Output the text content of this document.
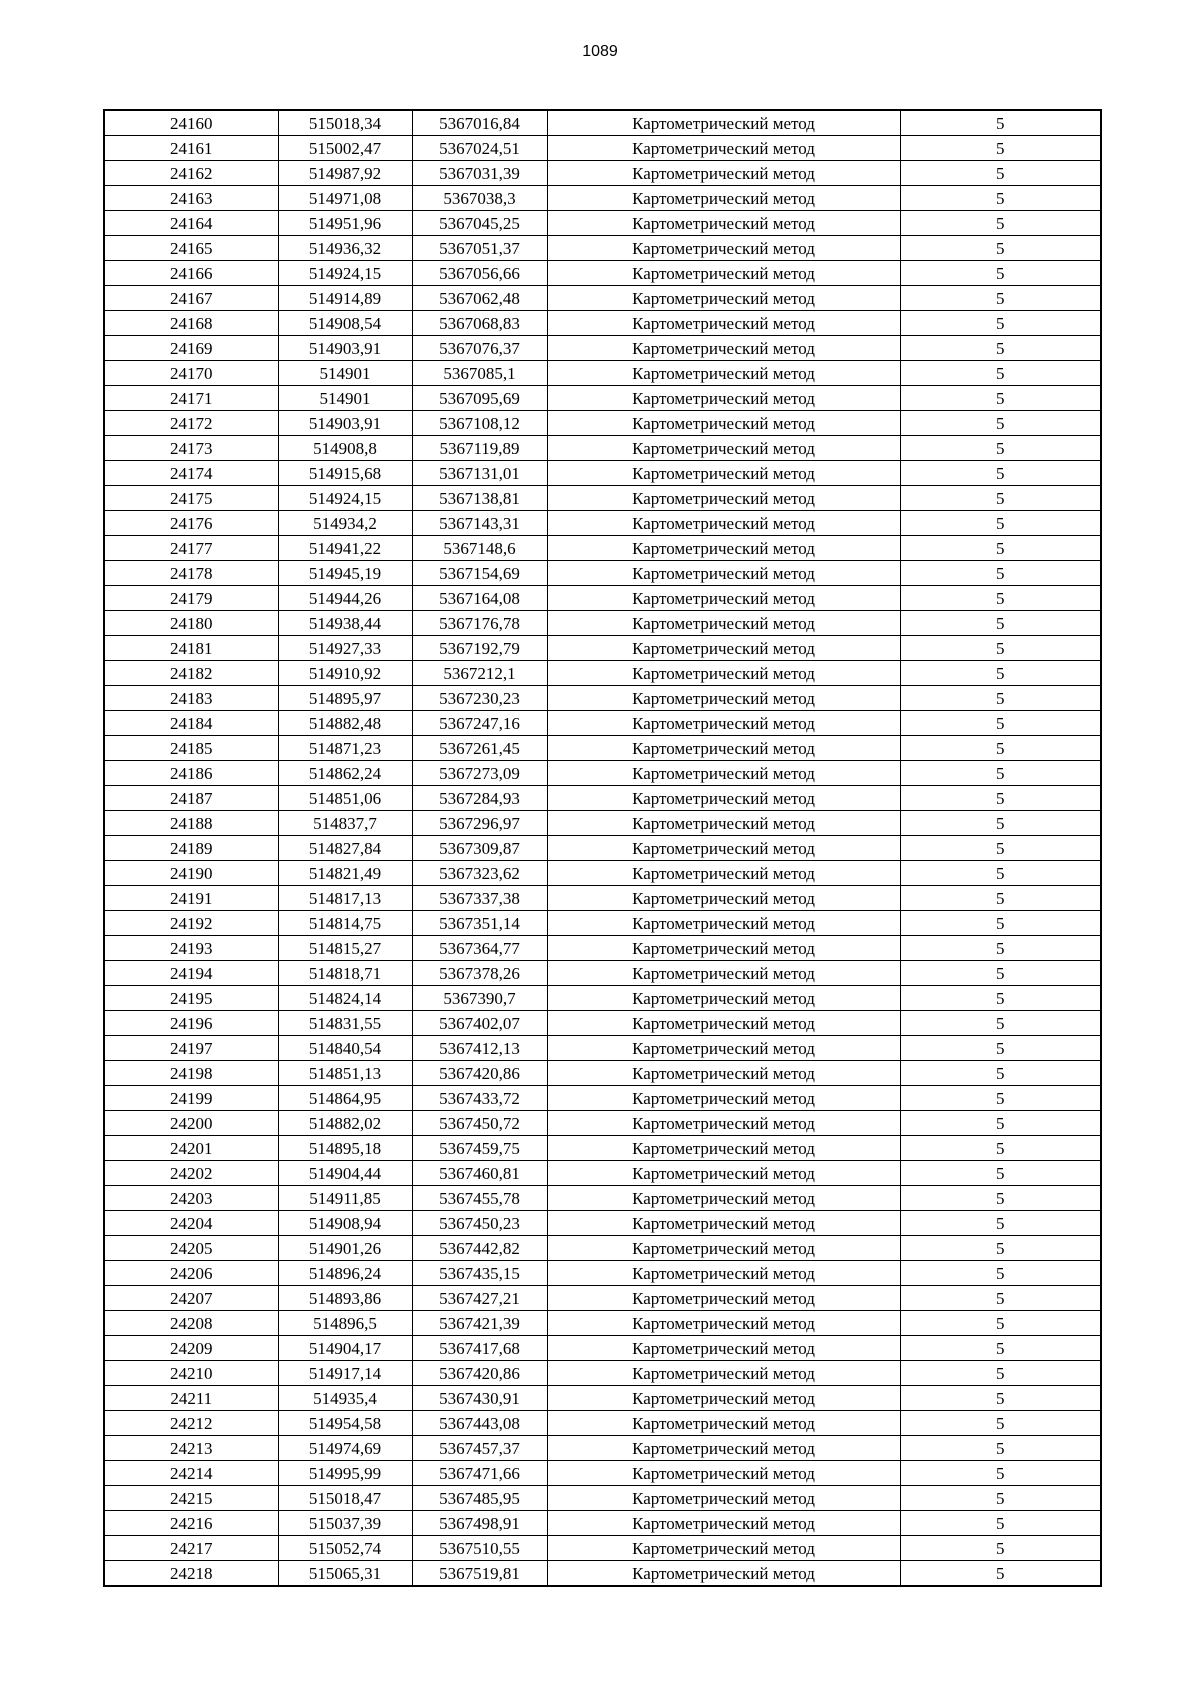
1089
24160	515018,34	5367016,84	Картометрический метод	5
24161	515002,47	5367024,51	Картометрический метод	5
24162	514987,92	5367031,39	Картометрический метод	5
24163	514971,08	5367038,3	Картометрический метод	5
24164	514951,96	5367045,25	Картометрический метод	5
24165	514936,32	5367051,37	Картометрический метод	5
24166	514924,15	5367056,66	Картометрический метод	5
24167	514914,89	5367062,48	Картометрический метод	5
24168	514908,54	5367068,83	Картометрический метод	5
24169	514903,91	5367076,37	Картометрический метод	5
24170	514901	5367085,1	Картометрический метод	5
24171	514901	5367095,69	Картометрический метод	5
24172	514903,91	5367108,12	Картометрический метод	5
24173	514908,8	5367119,89	Картометрический метод	5
24174	514915,68	5367131,01	Картометрический метод	5
24175	514924,15	5367138,81	Картометрический метод	5
24176	514934,2	5367143,31	Картометрический метод	5
24177	514941,22	5367148,6	Картометрический метод	5
24178	514945,19	5367154,69	Картометрический метод	5
24179	514944,26	5367164,08	Картометрический метод	5
24180	514938,44	5367176,78	Картометрический метод	5
24181	514927,33	5367192,79	Картометрический метод	5
24182	514910,92	5367212,1	Картометрический метод	5
24183	514895,97	5367230,23	Картометрический метод	5
24184	514882,48	5367247,16	Картометрический метод	5
24185	514871,23	5367261,45	Картометрический метод	5
24186	514862,24	5367273,09	Картометрический метод	5
24187	514851,06	5367284,93	Картометрический метод	5
24188	514837,7	5367296,97	Картометрический метод	5
24189	514827,84	5367309,87	Картометрический метод	5
24190	514821,49	5367323,62	Картометрический метод	5
24191	514817,13	5367337,38	Картометрический метод	5
24192	514814,75	5367351,14	Картометрический метод	5
24193	514815,27	5367364,77	Картометрический метод	5
24194	514818,71	5367378,26	Картометрический метод	5
24195	514824,14	5367390,7	Картометрический метод	5
24196	514831,55	5367402,07	Картометрический метод	5
24197	514840,54	5367412,13	Картометрический метод	5
24198	514851,13	5367420,86	Картометрический метод	5
24199	514864,95	5367433,72	Картометрический метод	5
24200	514882,02	5367450,72	Картометрический метод	5
24201	514895,18	5367459,75	Картометрический метод	5
24202	514904,44	5367460,81	Картометрический метод	5
24203	514911,85	5367455,78	Картометрический метод	5
24204	514908,94	5367450,23	Картометрический метод	5
24205	514901,26	5367442,82	Картометрический метод	5
24206	514896,24	5367435,15	Картометрический метод	5
24207	514893,86	5367427,21	Картометрический метод	5
24208	514896,5	5367421,39	Картометрический метод	5
24209	514904,17	5367417,68	Картометрический метод	5
24210	514917,14	5367420,86	Картометрический метод	5
24211	514935,4	5367430,91	Картометрический метод	5
24212	514954,58	5367443,08	Картометрический метод	5
24213	514974,69	5367457,37	Картометрический метод	5
24214	514995,99	5367471,66	Картометрический метод	5
24215	515018,47	5367485,95	Картометрический метод	5
24216	515037,39	5367498,91	Картометрический метод	5
24217	515052,74	5367510,55	Картометрический метод	5
24218	515065,31	5367519,81	Картометрический метод	5
